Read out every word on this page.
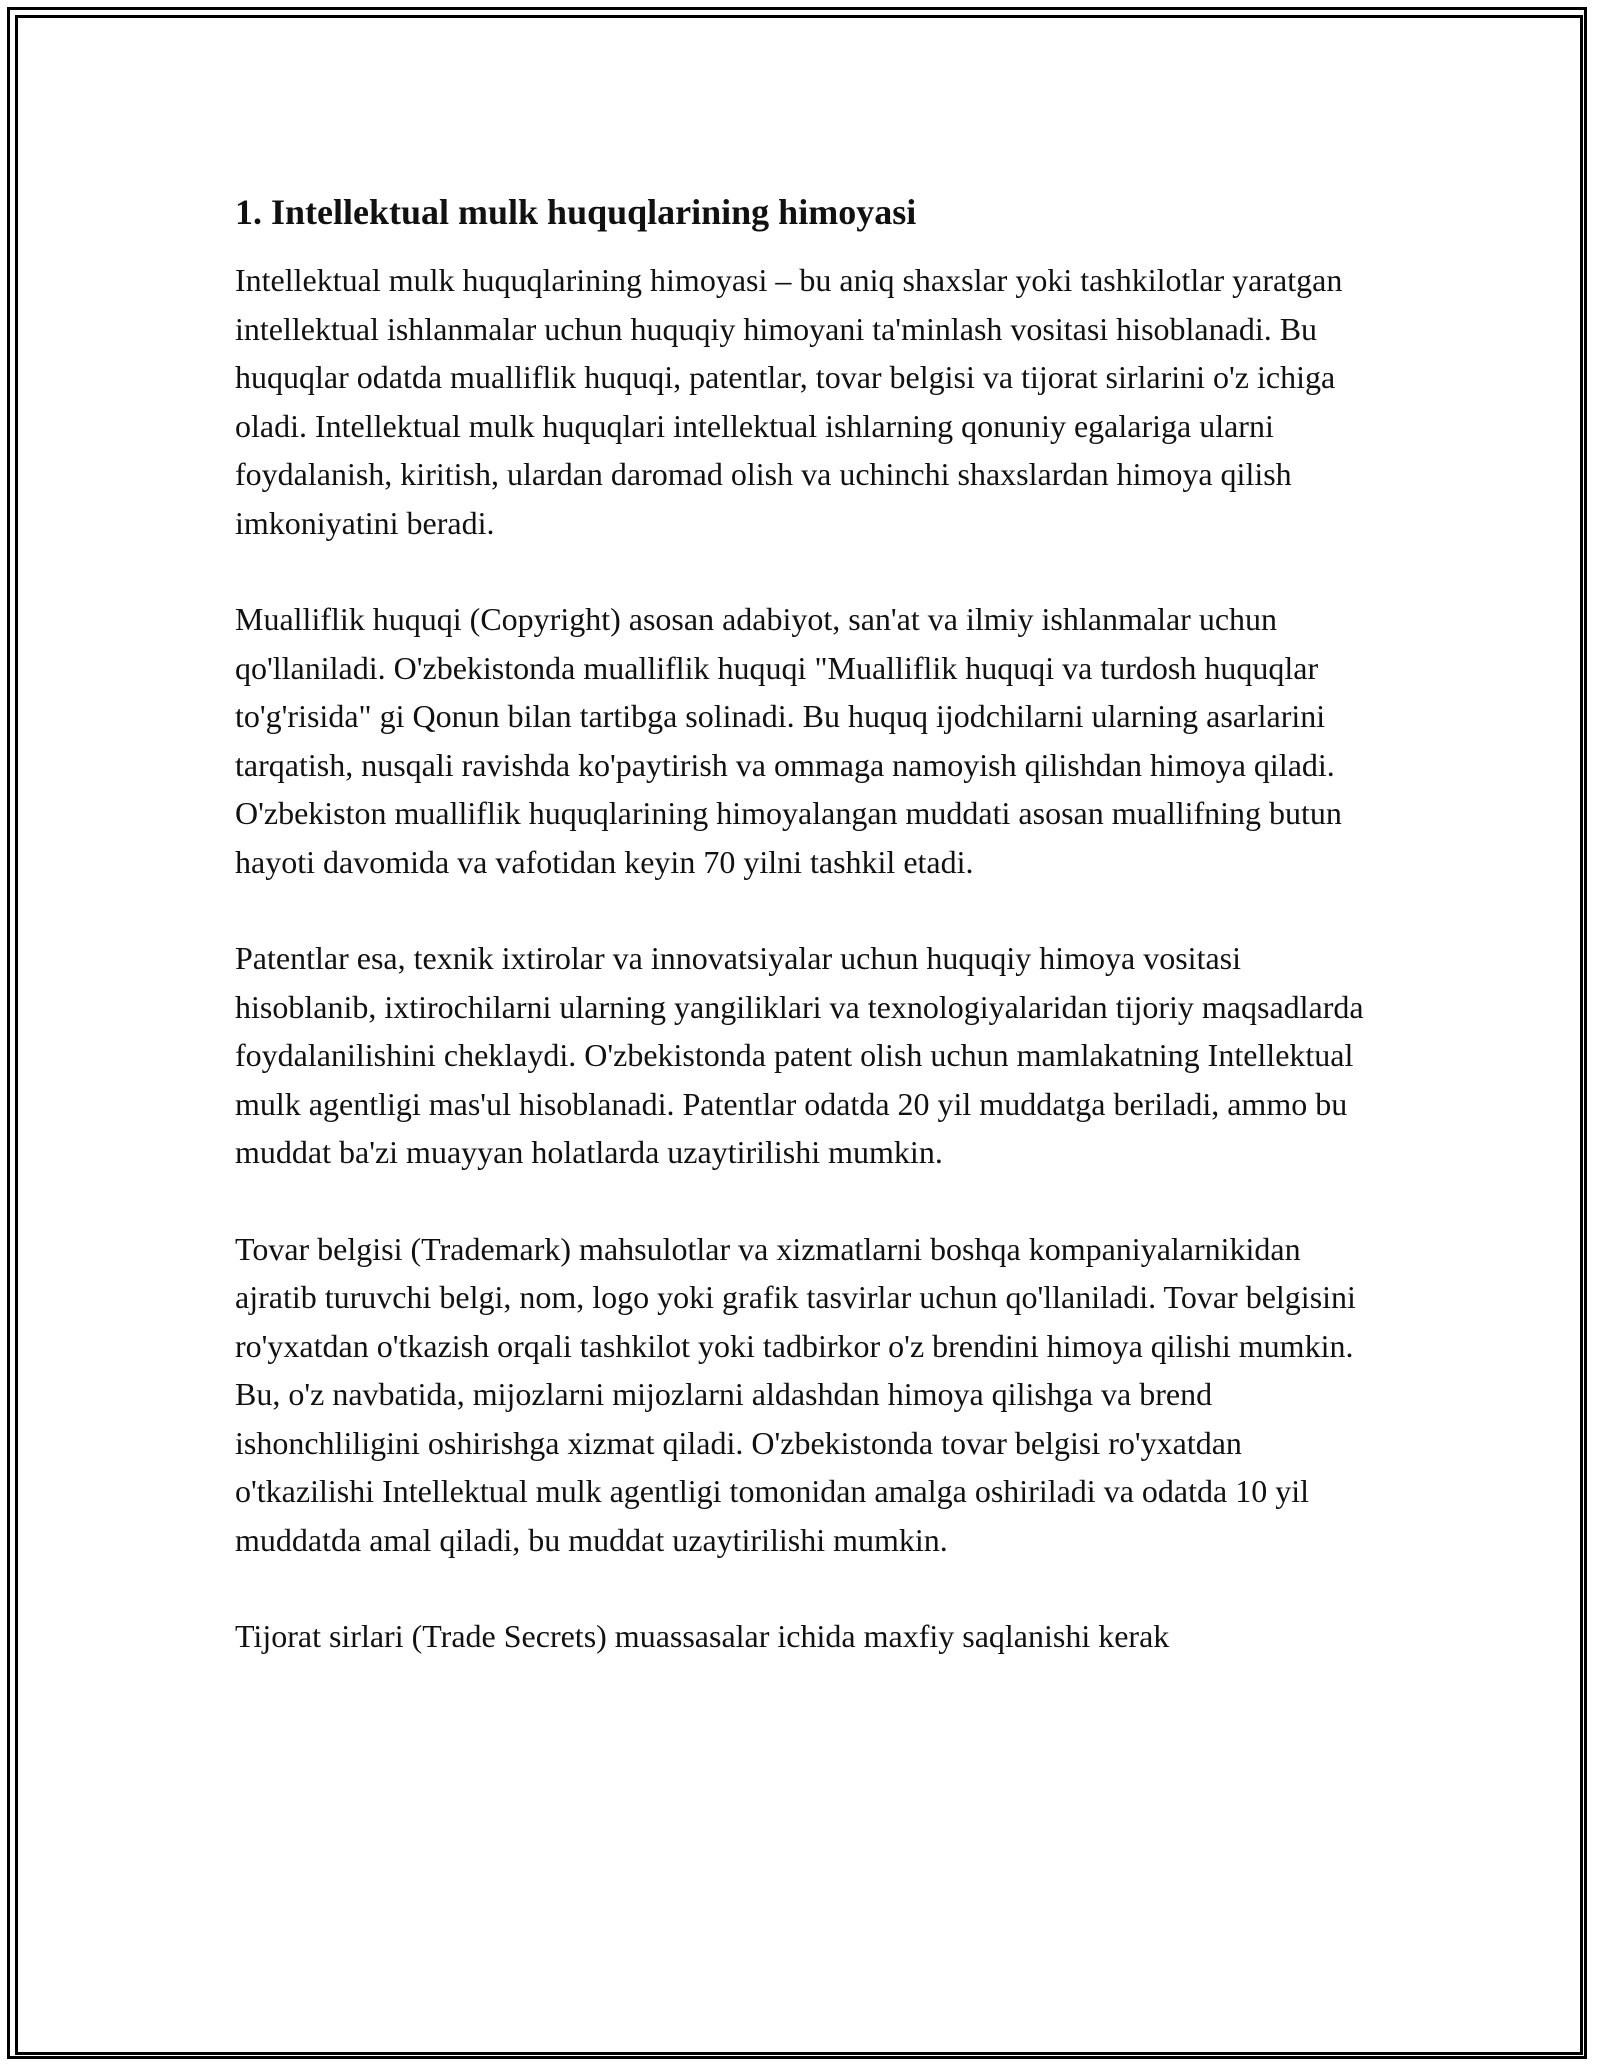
1. Intellektual mulk huquqlarining himoyasi

Intellektual mulk huquqlarining himoyasi – bu aniq shaxslar yoki tashkilotlar yaratgan intellektual ishlanmalar uchun huquqiy himoyani ta'minlash vositasi hisoblanadi. Bu huquqlar odatda mualliflik huquqi, patentlar, tovar belgisi va tijorat sirlarini o'z ichiga oladi. Intellektual mulk huquqlari intellektual ishlarning qonuniy egalariga ularni foydalanish, kiritish, ulardan daromad olish va uchinchi shaxslardan himoya qilish imkoniyatini beradi.

Mualliflik huquqi (Copyright) asosan adabiyot, san'at va ilmiy ishlanmalar uchun qo'llaniladi. O'zbekistonda mualliflik huquqi "Mualliflik huquqi va turdosh huquqlar to'g'risida" gi Qonun bilan tartibga solinadi. Bu huquq ijodchilarni ularning asarlarini tarqatish, nusqali ravishda ko'paytirish va ommaga namoyish qilishdan himoya qiladi. O'zbekiston mualliflik huquqlarining himoyalangan muddati asosan muallifning butun hayoti davomida va vafotidan keyin 70 yilni tashkil etadi.

Patentlar esa, texnik ixtirolar va innovatsiyalar uchun huquqiy himoya vositasi hisoblanib, ixtirochilarni ularning yangiliklari va texnologiyalaridan tijoriy maqsadlarda foydalanilishini cheklaydi. O'zbekistonda patent olish uchun mamlakatning Intellektual mulk agentligi mas'ul hisoblanadi. Patentlar odatda 20 yil muddatga beriladi, ammo bu muddat ba'zi muayyan holatlarda uzaytirilishi mumkin.

Tovar belgisi (Trademark) mahsulotlar va xizmatlarni boshqa kompaniyalarnikidan ajratib turuvchi belgi, nom, logo yoki grafik tasvirlar uchun qo'llaniladi. Tovar belgisini ro'yxatdan o'tkazish orqali tashkilot yoki tadbirkor o'z brendini himoya qilishi mumkin. Bu, o'z navbatida, mijozlarni mijozlarni aldashdan himoya qilishga va brend ishonchliligini oshirishga xizmat qiladi. O'zbekistonda tovar belgisi ro'yxatdan o'tkazilishi Intellektual mulk agentligi tomonidan amalga oshiriladi va odatda 10 yil muddatda amal qiladi, bu muddat uzaytirilishi mumkin.

Tijorat sirlari (Trade Secrets) muassasalar ichida maxfiy saqlanishi kerak
